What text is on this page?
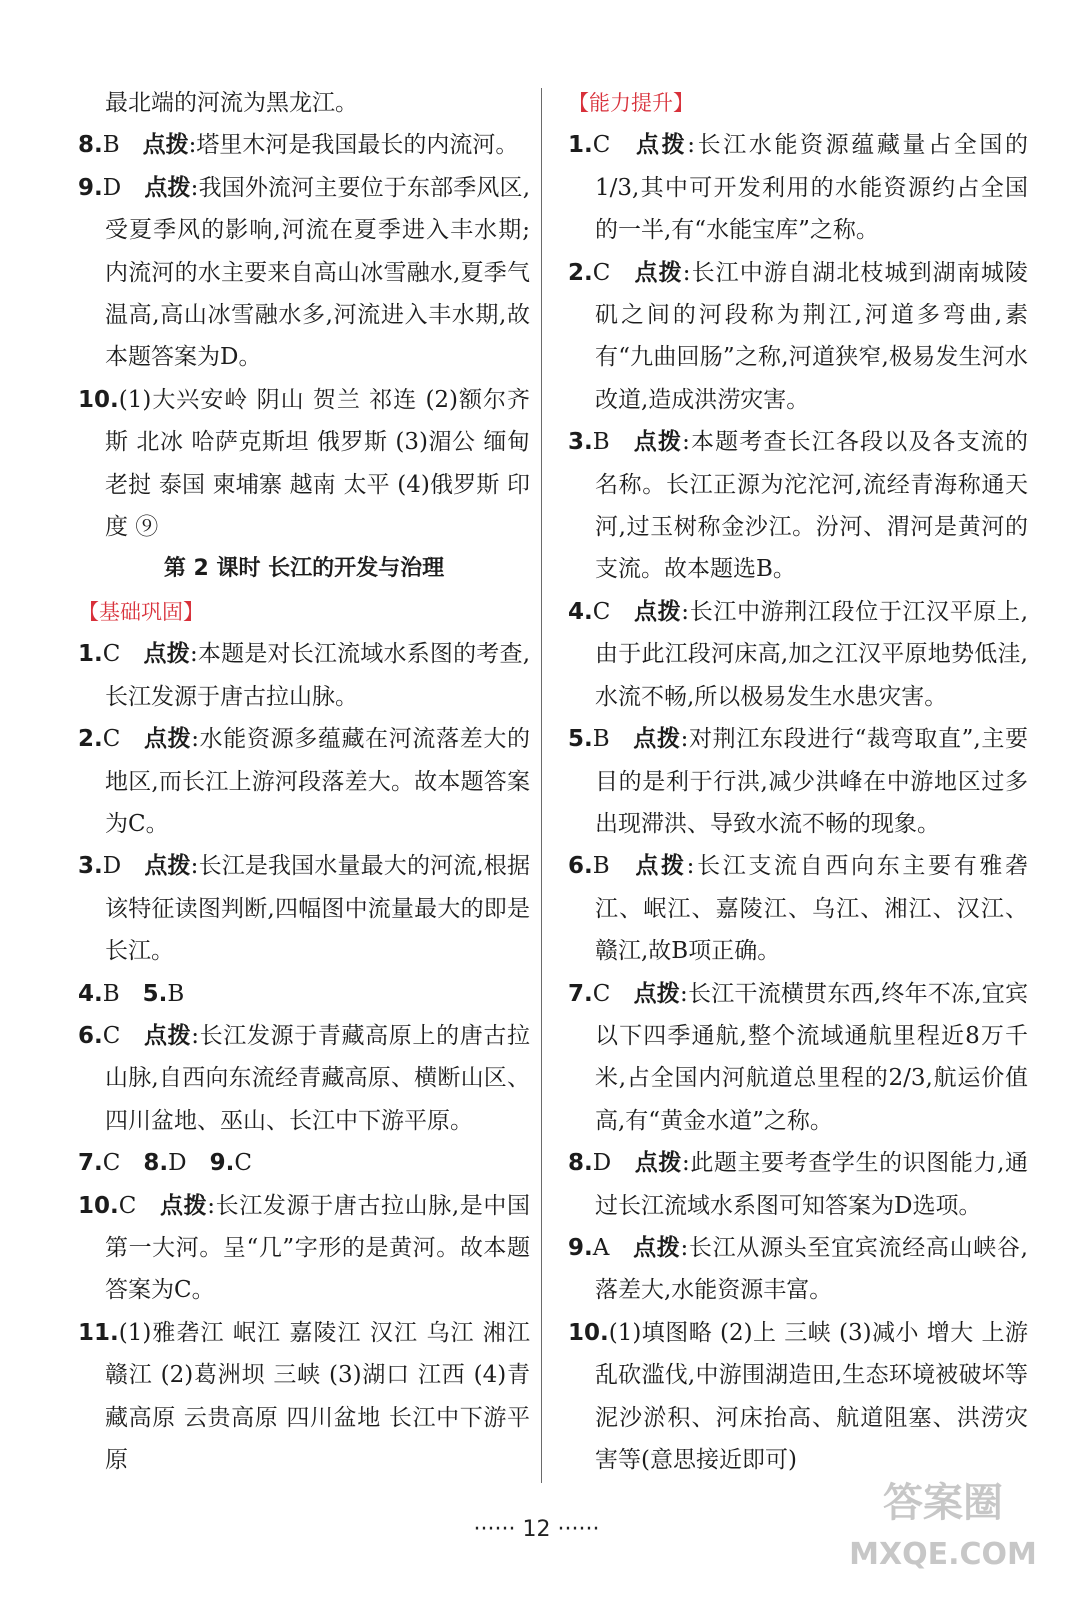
最北端的河流为黑龙江。

8.B  点拨:塔里木河是我国最长的内流河。

9.D  点拨:我国外流河主要位于东部季风区,受夏季风的影响,河流在夏季进入丰水期;内流河的水主要来自高山冰雪融水,夏季气温高,高山冰雪融水多,河流进入丰水期,故本题答案为D。

10.(1)大兴安岭 阴山 贺兰 祁连 (2)额尔齐斯 北冰 哈萨克斯坦 俄罗斯 (3)湄公 缅甸 老挝 泰国 柬埔寨 越南 太平 (4)俄罗斯 印度 ⑨

第 2 课时 长江的开发与治理

【基础巩固】

1.C  点拨:本题是对长江流域水系图的考查,长江发源于唐古拉山脉。

2.C  点拨:水能资源多蕴藏在河流落差大的地区,而长江上游河段落差大。故本题答案为C。

3.D  点拨:长江是我国水量最大的河流,根据该特征读图判断,四幅图中流量最大的即是长江。

4.B  5.B

6.C  点拨:长江发源于青藏高原上的唐古拉山脉,自西向东流经青藏高原、横断山区、四川盆地、巫山、长江中下游平原。

7.C  8.D  9.C

10.C  点拨:长江发源于唐古拉山脉,是中国第一大河。呈“几”字形的是黄河。故本题答案为C。

11.(1)雅砻江 岷江 嘉陵江 汉江 乌江 湘江 赣江 (2)葛洲坝 三峡 (3)湖口 江西 (4)青藏高原 云贵高原 四川盆地 长江中下游平原

【能力提升】

1.C  点拨:长江水能资源蕴藏量占全国的1/3,其中可开发利用的水能资源约占全国的一半,有“水能宝库”之称。

2.C  点拨:长江中游自湖北枝城到湖南城陵矶之间的河段称为荆江,河道多弯曲,素有“九曲回肠”之称,河道狭窄,极易发生河水改道,造成洪涝灾害。

3.B  点拨:本题考查长江各段以及各支流的名称。长江正源为沱沱河,流经青海称通天河,过玉树称金沙江。汾河、渭河是黄河的支流。故本题选B。

4.C  点拨:长江中游荆江段位于江汉平原上,由于此江段河床高,加之江汉平原地势低洼,水流不畅,所以极易发生水患灾害。

5.B  点拨:对荆江东段进行“裁弯取直”,主要目的是利于行洪,减少洪峰在中游地区过多出现滞洪、导致水流不畅的现象。

6.B  点拨:长江支流自西向东主要有雅砻江、岷江、嘉陵江、乌江、湘江、汉江、赣江,故B项正确。

7.C  点拨:长江干流横贯东西,终年不冻,宜宾以下四季通航,整个流域通航里程近8万千米,占全国内河航道总里程的2/3,航运价值高,有“黄金水道”之称。

8.D  点拨:此题主要考查学生的识图能力,通过长江流域水系图可知答案为D选项。

9.A  点拨:长江从源头至宜宾流经高山峡谷,落差大,水能资源丰富。

10.(1)填图略 (2)上 三峡 (3)减小 增大 上游乱砍滥伐,中游围湖造田,生态环境被破坏等 泥沙淤积、河床抬高、航道阻塞、洪涝灾害等(意思接近即可)

······ 12 ······
答案圈
MXQE.COM
